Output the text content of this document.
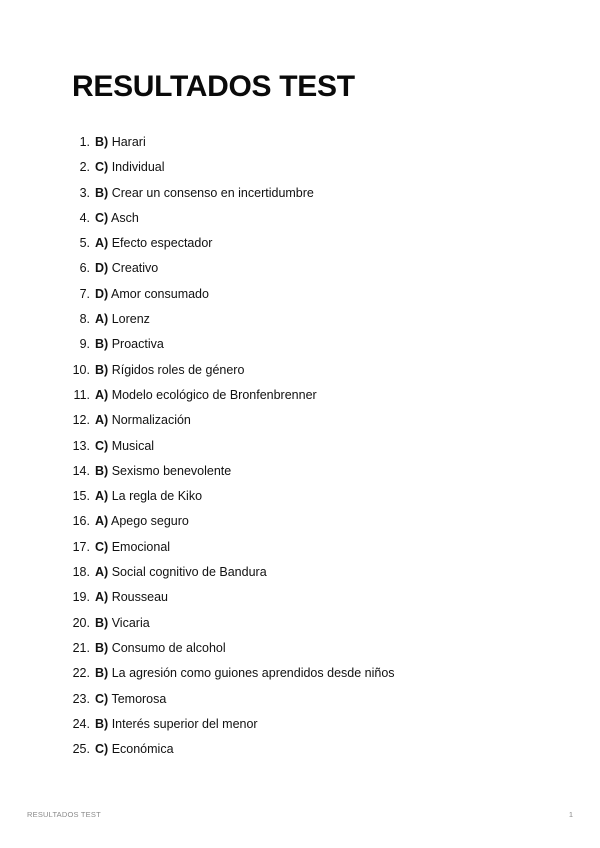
RESULTADOS TEST
1. B) Harari
2. C) Individual
3. B) Crear un consenso en incertidumbre
4. C) Asch
5. A) Efecto espectador
6. D) Creativo
7. D) Amor consumado
8. A) Lorenz
9. B) Proactiva
10. B) Rígidos roles de género
11. A) Modelo ecológico de Bronfenbrenner
12. A) Normalización
13. C) Musical
14. B) Sexismo benevolente
15. A) La regla de Kiko
16. A) Apego seguro
17. C) Emocional
18. A) Social cognitivo de Bandura
19. A) Rousseau
20. B) Vicaria
21. B) Consumo de alcohol
22. B) La agresión como guiones aprendidos desde niños
23. C) Temorosa
24. B) Interés superior del menor
25. C) Económica
RESULTADOS TEST	1
